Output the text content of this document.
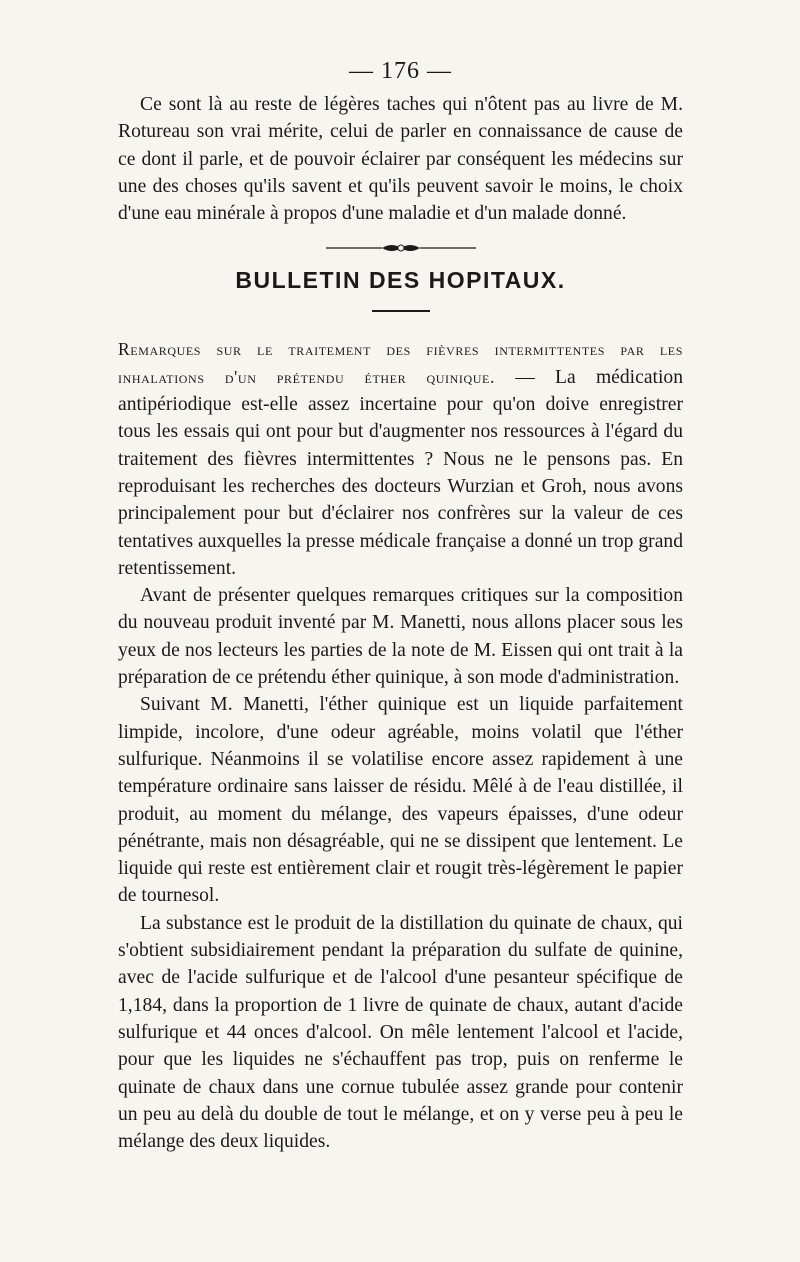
— 176 —

Ce sont là au reste de légères taches qui n'ôtent pas au livre de M. Rotureau son vrai mérite, celui de parler en connaissance de cause de ce dont il parle, et de pouvoir éclairer par conséquent les médecins sur une des choses qu'ils savent et qu'ils peuvent savoir le moins, le choix d'une eau minérale à propos d'une maladie et d'un malade donné.

BULLETIN DES HOPITAUX.

Remarques sur le traitement des fièvres intermittentes par les inhalations d'un prétendu éther quinique. — La médication antipériodique est-elle assez incertaine pour qu'on doive enregistrer tous les essais qui ont pour but d'augmenter nos ressources à l'égard du traitement des fièvres intermittentes ? Nous ne le pensons pas. En reproduisant les recherches des docteurs Wurzian et Groh, nous avons principalement pour but d'éclairer nos confrères sur la valeur de ces tentatives auxquelles la presse médicale française a donné un trop grand retentissement.

Avant de présenter quelques remarques critiques sur la composition du nouveau produit inventé par M. Manetti, nous allons placer sous les yeux de nos lecteurs les parties de la note de M. Eissen qui ont trait à la préparation de ce prétendu éther quinique, à son mode d'administration.

Suivant M. Manetti, l'éther quinique est un liquide parfaitement limpide, incolore, d'une odeur agréable, moins volatil que l'éther sulfurique. Néanmoins il se volatilise encore assez rapidement à une température ordinaire sans laisser de résidu. Mêlé à de l'eau distillée, il produit, au moment du mélange, des vapeurs épaisses, d'une odeur pénétrante, mais non désagréable, qui ne se dissipent que lentement. Le liquide qui reste est entièrement clair et rougit très-légèrement le papier de tournesol.

La substance est le produit de la distillation du quinate de chaux, qui s'obtient subsidiairement pendant la préparation du sulfate de quinine, avec de l'acide sulfurique et de l'alcool d'une pesanteur spécifique de 1,184, dans la proportion de 1 livre de quinate de chaux, autant d'acide sulfurique et 44 onces d'alcool. On mêle lentement l'alcool et l'acide, pour que les liquides ne s'échauffent pas trop, puis on renferme le quinate de chaux dans une cornue tubulée assez grande pour contenir un peu au delà du double de tout le mélange, et on y verse peu à peu le mélange des deux liquides.
